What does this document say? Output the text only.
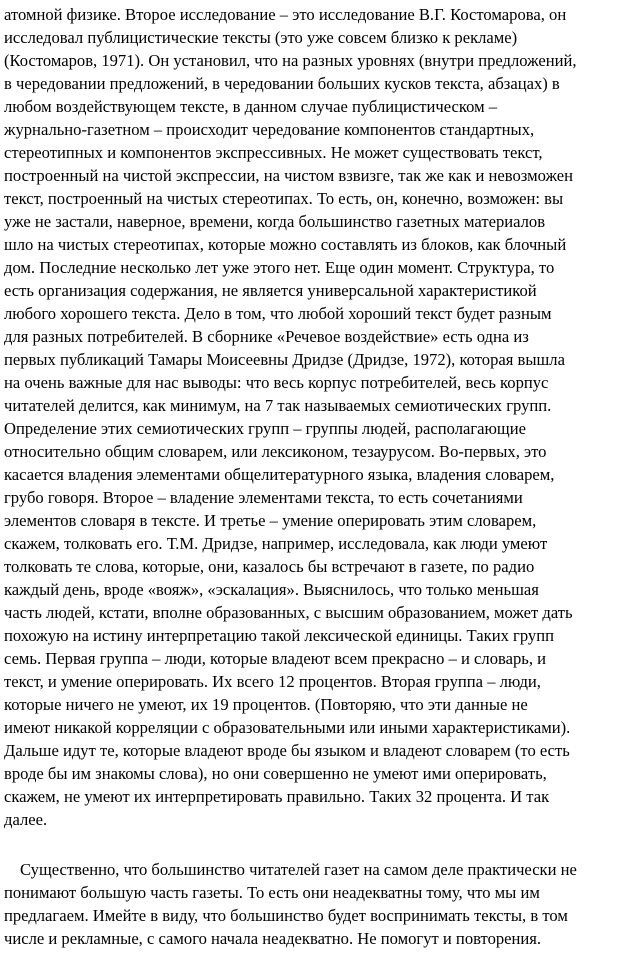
атомной физике. Второе исследование – это исследование В.Г. Костомарова, он
исследовал публицистические тексты (это уже совсем близко к рекламе)
(Костомаров, 1971). Он установил, что на разных уровнях (внутри предложений,
в чередовании предложений, в чередовании больших кусков текста, абзацах) в
любом воздействующем тексте, в данном случае публицистическом –
журнально-газетном – происходит чередование компонентов стандартных,
стереотипных и компонентов экспрессивных. Не может существовать текст,
построенный на чистой экспрессии, на чистом взвизге, так же как и невозможен
текст, построенный на чистых стереотипах. То есть, он, конечно, возможен: вы
уже не застали, наверное, времени, когда большинство газетных материалов
шло на чистых стереотипах, которые можно составлять из блоков, как блочный
дом. Последние несколько лет уже этого нет. Еще один момент. Структура, то
есть организация содержания, не является универсальной характеристикой
любого хорошего текста. Дело в том, что любой хороший текст будет разным
для разных потребителей. В сборнике «Речевое воздействие» есть одна из
первых публикаций Тамары Моисеевны Дридзе (Дридзе, 1972), которая вышла
на очень важные для нас выводы: что весь корпус потребителей, весь корпус
читателей делится, как минимум, на 7 так называемых семиотических групп.
Определение этих семиотических групп – группы людей, располагающие
относительно общим словарем, или лексиконом, тезаурусом. Во-первых, это
касается владения элементами общелитературного языка, владения словарем,
грубо говоря. Второе – владение элементами текста, то есть сочетаниями
элементов словаря в тексте. И третье – умение оперировать этим словарем,
скажем, толковать его. Т.М. Дридзе, например, исследовала, как люди умеют
толковать те слова, которые, они, казалось бы встречают в газете, по радио
каждый день, вроде «вояж», «эскалация». Выяснилось, что только меньшая
часть людей, кстати, вполне образованных, с высшим образованием, может дать
похожую на истину интерпретацию такой лексической единицы. Таких групп
семь. Первая группа – люди, которые владеют всем прекрасно – и словарь, и
текст, и умение оперировать. Их всего 12 процентов. Вторая группа – люди,
которые ничего не умеют, их 19 процентов. (Повторяю, что эти данные не
имеют никакой корреляции с образовательными или иными характеристиками).
Дальше идут те, которые владеют вроде бы языком и владеют словарем (то есть
вроде бы им знакомы слова), но они совершенно не умеют ими оперировать,
скажем, не умеют их интерпретировать правильно. Таких 32 процента. И так
далее.
Существенно, что большинство читателей газет на самом деле практически не
понимают большую часть газеты. То есть они неадекватны тому, что мы им
предлагаем. Имейте в виду, что большинство будет воспринимать тексты, в том
числе и рекламные, с самого начала неадекватно. Не помогут и повторения.
